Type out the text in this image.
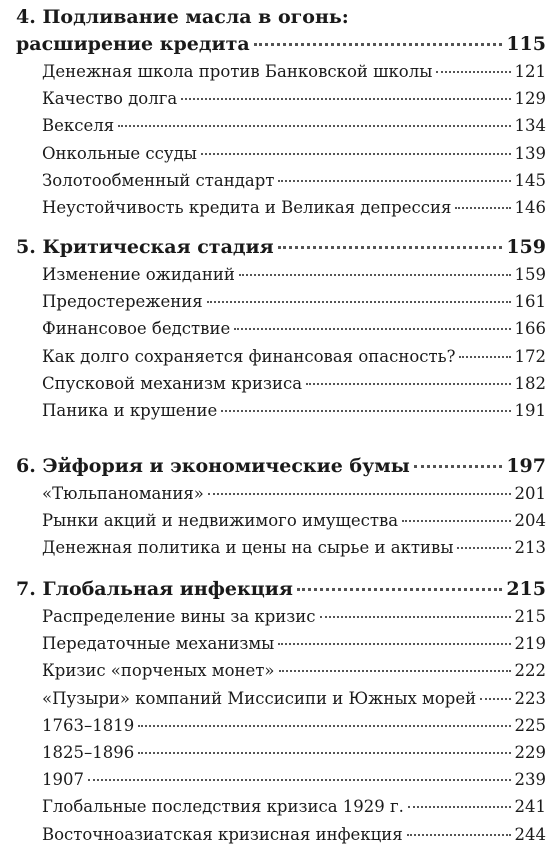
4. Подливание масла в огонь:
расширение кредита	115
Денежная школа против Банковской школы	121
Качество долга	129
Векселя	134
Онкольные ссуды	139
Золотообменный стандарт	145
Неустойчивость кредита и Великая депрессия	146
5. Критическая стадия	159
Изменение ожиданий	159
Предостережения	161
Финансовое бедствие	166
Как долго сохраняется финансовая опасность?	172
Спусковой механизм кризиса	182
Паника и крушение	191
6. Эйфория и экономические бумы	197
«Тюльпаномания»	201
Рынки акций и недвижимого имущества	204
Денежная политика и цены на сырье и активы	213
7. Глобальная инфекция	215
Распределение вины за кризис	215
Передаточные механизмы	219
Кризис «порченых монет»	222
«Пузыри» компаний Миссисипи и Южных морей 223
1763–1819	225
1825–1896	229
1907	239
Глобальные последствия кризиса 1929 г.	241
Восточноазиатская кризисная инфекция	244
